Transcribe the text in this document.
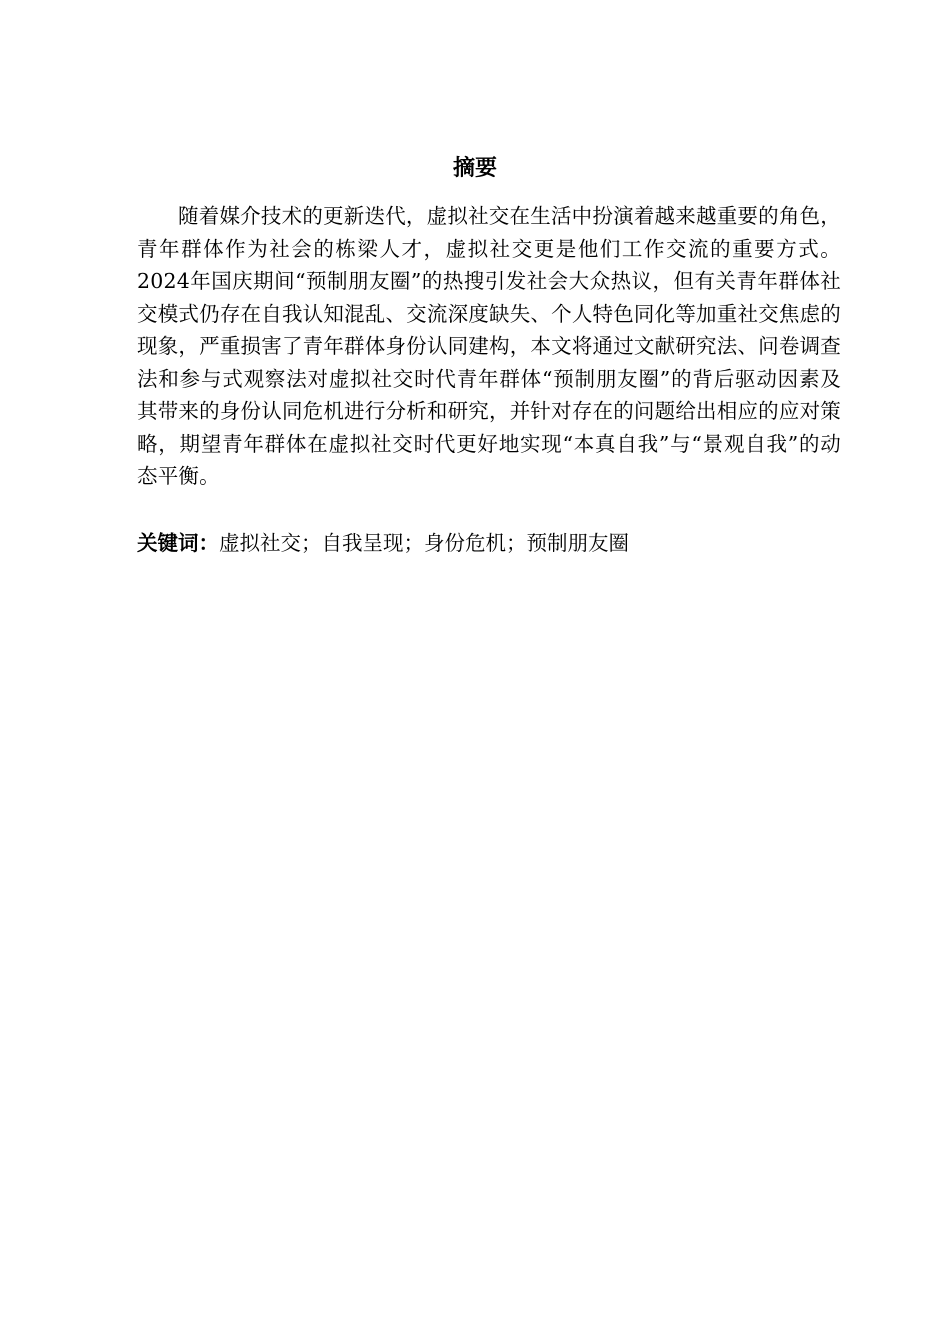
摘要

随着媒介技术的更新迭代，虚拟社交在生活中扮演着越来越重要的角色，青年群体作为社会的栋梁人才，虚拟社交更是他们工作交流的重要方式。2024年国庆期间“预制朋友圈”的热搜引发社会大众热议，但有关青年群体社交模式仍存在自我认知混乱、交流深度缺失、个人特色同化等加重社交焦虑的现象，严重损害了青年群体身份认同建构，本文将通过文献研究法、问卷调查法和参与式观察法对虚拟社交时代青年群体“预制朋友圈”的背后驱动因素及其带来的身份认同危机进行分析和研究，并针对存在的问题给出相应的应对策略，期望青年群体在虚拟社交时代更好地实现“本真自我”与“景观自我”的动态平衡。

关键词：虚拟社交；自我呈现；身份危机；预制朋友圈
